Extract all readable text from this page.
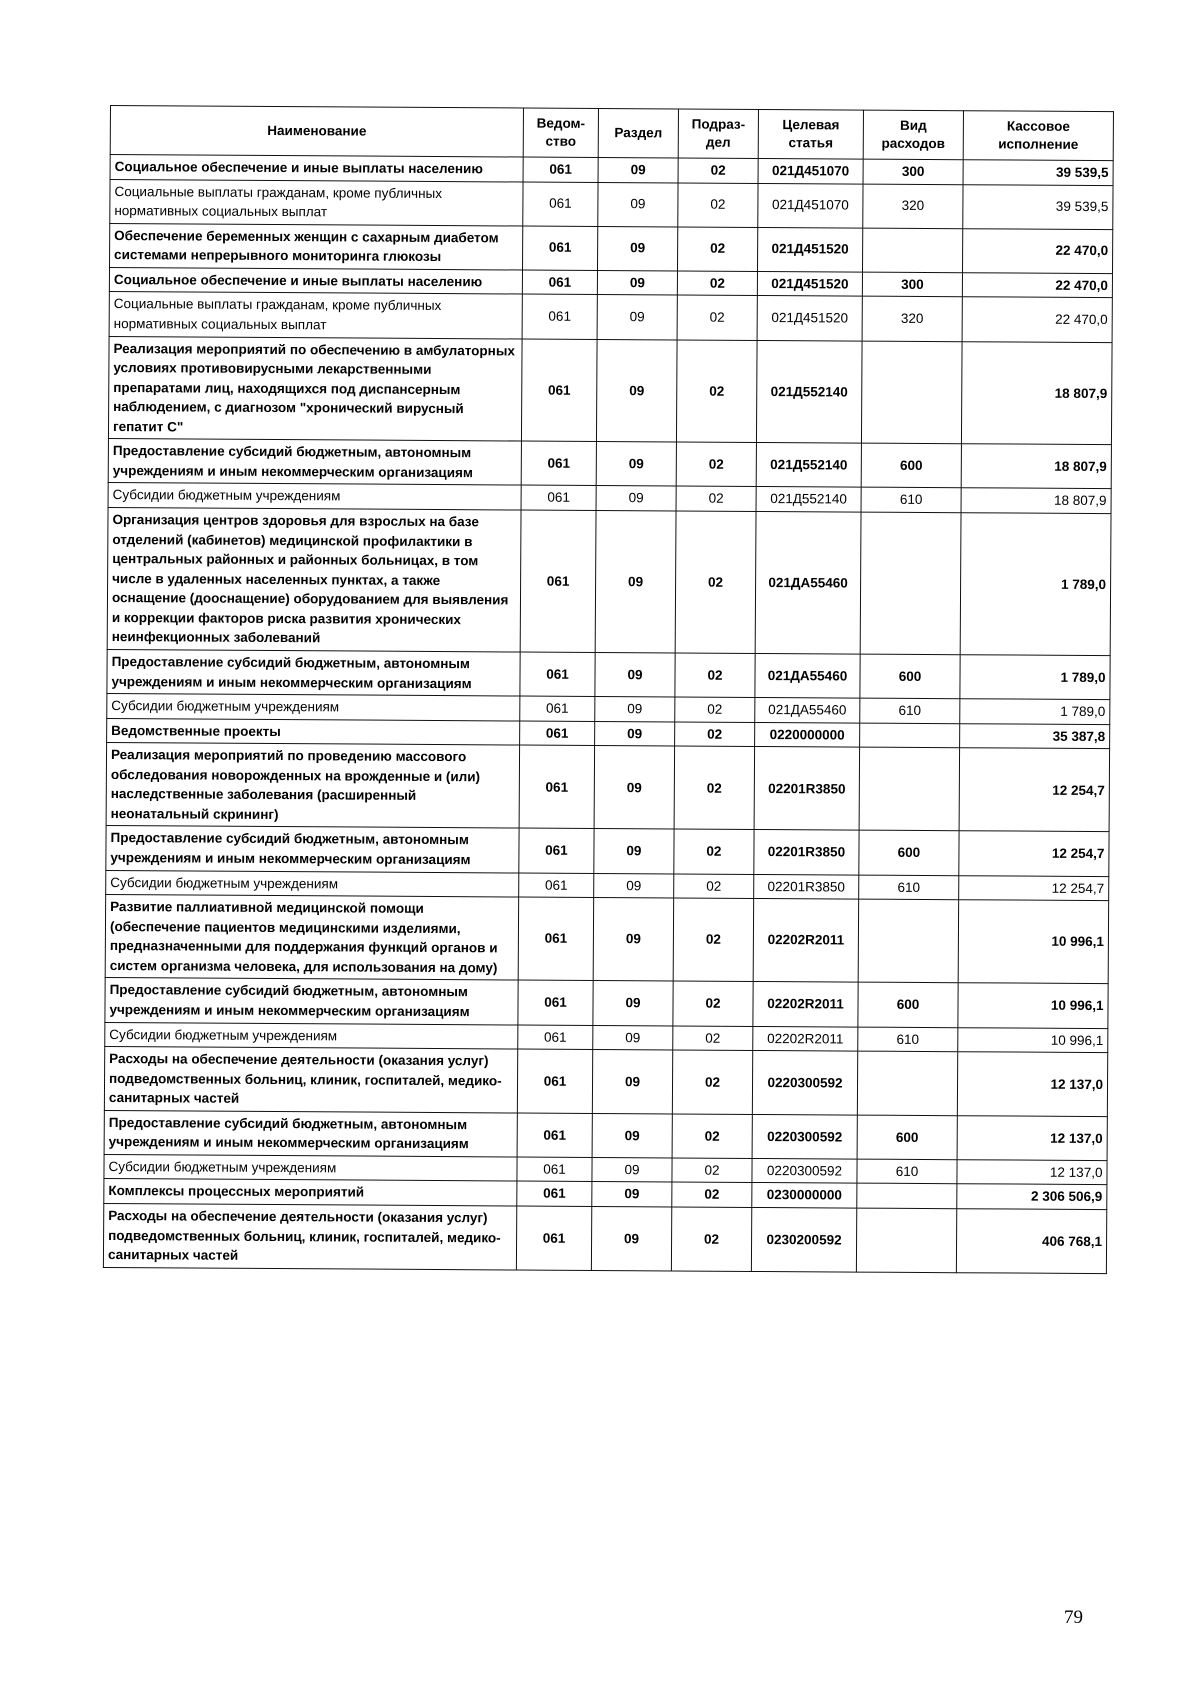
Наименование	Ведом-ство	Раздел	Подраз-дел	Целевая статья	Вид расходов	Кассовое исполнение
Социальное обеспечение и иные выплаты населению	061	09	02	021Д451070	300	39 539,5
Социальные выплаты гражданам, кроме публичных нормативных социальных выплат	061	09	02	021Д451070	320	39 539,5
Обеспечение беременных женщин с сахарным диабетом системами непрерывного мониторинга глюкозы	061	09	02	021Д451520		22 470,0
Социальное обеспечение и иные выплаты населению	061	09	02	021Д451520	300	22 470,0
Социальные выплаты гражданам, кроме публичных нормативных социальных выплат	061	09	02	021Д451520	320	22 470,0
Реализация мероприятий по обеспечению в амбулаторных условиях противовирусными лекарственными препаратами лиц, находящихся под диспансерным наблюдением, с диагнозом "хронический вирусный гепатит С"	061	09	02	021Д552140		18 807,9
Предоставление субсидий бюджетным, автономным учреждениям и иным некоммерческим организациям	061	09	02	021Д552140	600	18 807,9
Субсидии бюджетным учреждениям	061	09	02	021Д552140	610	18 807,9
Организация центров здоровья для взрослых на базе отделений (кабинетов) медицинской профилактики в центральных районных и районных больницах, в том числе в удаленных населенных пунктах, а также оснащение (дооснащение) оборудованием для выявления и коррекции факторов риска развития хронических неинфекционных заболеваний	061	09	02	021ДА55460		1 789,0
Предоставление субсидий бюджетным, автономным учреждениям и иным некоммерческим организациям	061	09	02	021ДА55460	600	1 789,0
Субсидии бюджетным учреждениям	061	09	02	021ДА55460	610	1 789,0
Ведомственные проекты	061	09	02	0220000000		35 387,8
Реализация мероприятий по проведению массового обследования новорожденных на врожденные и (или) наследственные заболевания (расширенный неонатальный скрининг)	061	09	02	02201R3850		12 254,7
Предоставление субсидий бюджетным, автономным учреждениям и иным некоммерческим организациям	061	09	02	02201R3850	600	12 254,7
Субсидии бюджетным учреждениям	061	09	02	02201R3850	610	12 254,7
Развитие паллиативной медицинской помощи (обеспечение пациентов медицинскими изделиями, предназначенными для поддержания функций органов и систем организма человека, для использования на дому)	061	09	02	02202R2011		10 996,1
Предоставление субсидий бюджетным, автономным учреждениям и иным некоммерческим организациям	061	09	02	02202R2011	600	10 996,1
Субсидии бюджетным учреждениям	061	09	02	02202R2011	610	10 996,1
Расходы на обеспечение деятельности (оказания услуг) подведомственных больниц, клиник, госпиталей, медико-санитарных частей	061	09	02	0220300592		12 137,0
Предоставление субсидий бюджетным, автономным учреждениям и иным некоммерческим организациям	061	09	02	0220300592	600	12 137,0
Субсидии бюджетным учреждениям	061	09	02	0220300592	610	12 137,0
Комплексы процессных мероприятий	061	09	02	0230000000		2 306 506,9
Расходы на обеспечение деятельности (оказания услуг) подведомственных больниц, клиник, госпиталей, медико-санитарных частей	061	09	02	0230200592		406 768,1
79
